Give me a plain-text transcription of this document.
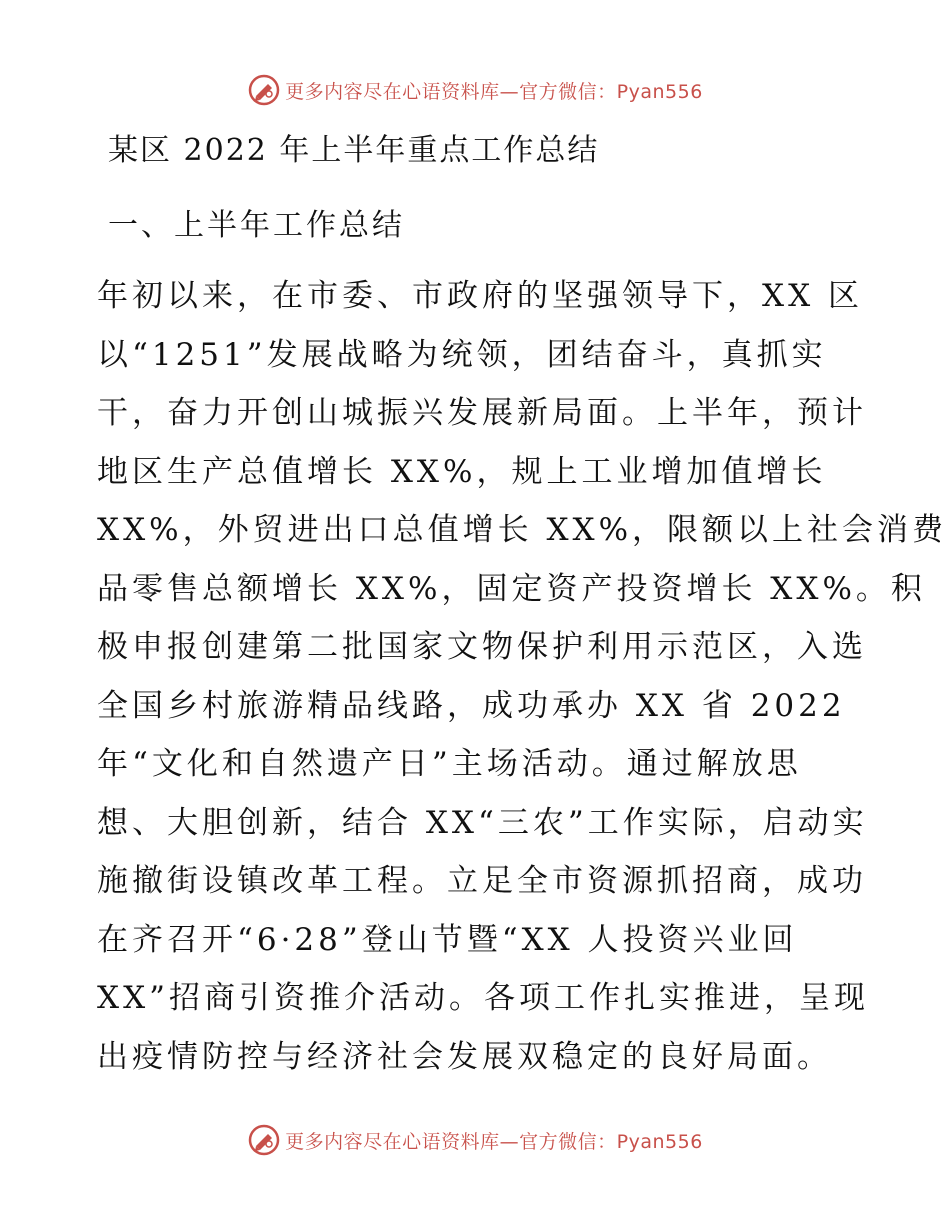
更多内容尽在心语资料库—官方微信：Pyan556
某区 2022 年上半年重点工作总结
一、上半年工作总结
年初以来，在市委、市政府的坚强领导下，XX 区
以“1251”发展战略为统领，团结奋斗，真抓实
干，奋力开创山城振兴发展新局面。上半年，预计
地区生产总值增长 XX%，规上工业增加值增长
XX%，外贸进出口总值增长 XX%，限额以上社会消费
品零售总额增长 XX%，固定资产投资增长 XX%。积
极申报创建第二批国家文物保护利用示范区，入选
全国乡村旅游精品线路，成功承办 XX 省 2022
年“文化和自然遗产日”主场活动。通过解放思
想、大胆创新，结合 XX“三农”工作实际，启动实
施撤街设镇改革工程。立足全市资源抓招商，成功
在齐召开“6·28”登山节暨“XX 人投资兴业回
XX”招商引资推介活动。各项工作扎实推进，呈现
出疫情防控与经济社会发展双稳定的良好局面。
更多内容尽在心语资料库—官方微信：Pyan556
